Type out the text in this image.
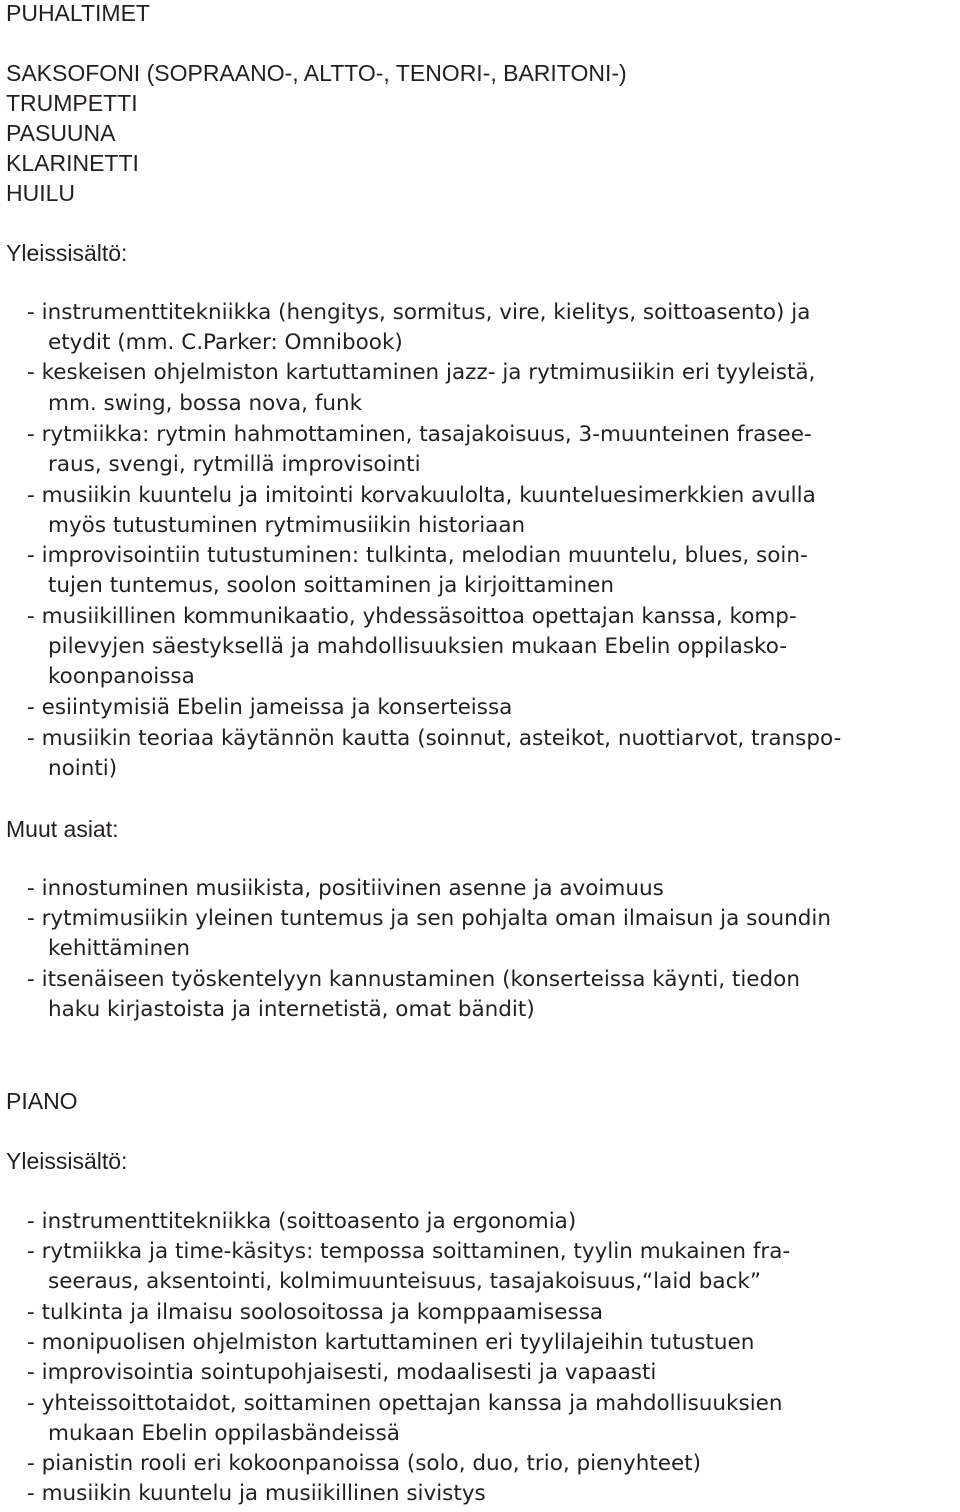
PUHALTIMET

SAKSOFONI (SOPRAANO-, ALTTO-, TENORI-, BARITONI-)

TRUMPETTI

PASUUNA

KLARINETTI

HUILU

Yleissisältö:

- instrumenttitekniikka (hengitys, sormitus, vire, kielitys, soittoasento) ja

etydit (mm. C.Parker: Omnibook)

- keskeisen ohjelmiston kartuttaminen jazz- ja rytmimusiikin eri tyyleistä,

mm. swing, bossa nova, funk

- rytmiikka: rytmin hahmottaminen, tasajakoisuus, 3-muunteinen fraseе-

raus, svengi, rytmillä improvisointi

- musiikin kuuntelu ja imitointi korvakuulolta, kuunteluesimerkkien avulla

myös tutustuminen rytmimusiikin historiaan

- improvisointiin tutustuminen: tulkinta, melodian muuntelu, blues, soin-

tujen tuntemus, soolon soittaminen ja kirjoittaminen

- musiikillinen kommunikaatio, yhdessäsoittoa opettajan kanssa, komp-

pilevyjen säestyksellä ja mahdollisuuksien mukaan Ebelin oppilasko-

koonpanoissa

- esiintymisiä Ebelin jameissa ja konserteissa

- musiikin teoriaa käytännön kautta (soinnut, asteikot, nuottiarvot, transpo-

nointi)

Muut asiat:

- innostuminen musiikista, positiivinen asenne ja avoimuus

- rytmimusiikin yleinen tuntemus ja sen pohjalta oman ilmaisun ja soundin

kehittäminen

- itsenäiseen työskentelyyn kannustaminen (konserteissa käynti, tiedon

haku kirjastoista ja internetistä, omat bändit)

PIANO

Yleissisältö:

- instrumenttitekniikka (soittoasento ja ergonomia)

- rytmiikka ja time-käsitys: tempossa soittaminen, tyylin mukainen fra-

seeraus, aksentointi, kolmimuunteisuus, tasajakoisuus,“laid back”

- tulkinta ja ilmaisu soolosoitossa ja komppaamisessa

- monipuolisen ohjelmiston kartuttaminen eri tyylilajeihin tutustuen

- improvisointia sointupohjaisesti, modaalisesti ja vapaasti

- yhteissoittotaidot, soittaminen opettajan kanssa ja mahdollisuuksien

mukaan Ebelin oppilasbändeissä

- pianistin rooli eri kokoonpanoissa (solo, duo, trio, pienyhteet)

- musiikin kuuntelu ja musiikillinen sivistys
